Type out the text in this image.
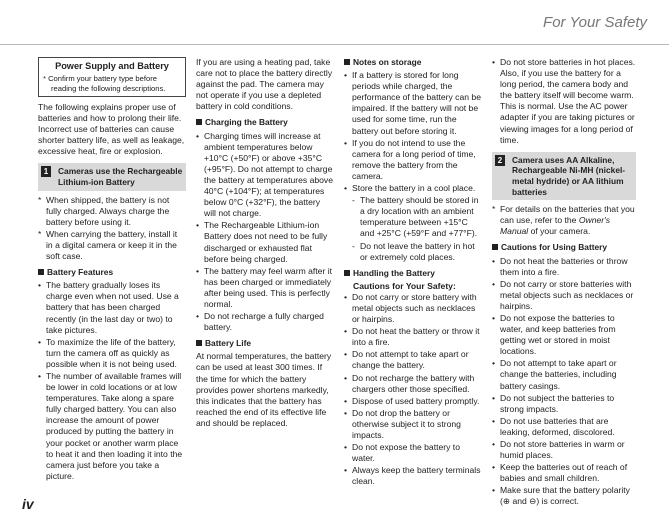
For Your Safety
Power Supply and Battery
* Confirm your battery type before reading the following descriptions.

The following explains proper use of batteries and how to prolong their life. Incorrect use of batteries can cause shorter battery life, as well as leakage, excessive heat, fire or explosion.

1	Cameras use the Rechargeable Lithium-ion Battery
* When shipped, the battery is not fully charged. Always charge the battery before using it.
* When carrying the battery, install it in a digital camera or keep it in the soft case.
Battery Features
• The battery gradually loses its charge even when not used. Use a battery that has been charged recently (in the last day or two) to take pictures.
• To maximize the life of the battery, turn the camera off as quickly as possible when it is not being used.
• The number of available frames will be lower in cold locations or at low temperatures. Take along a spare fully charged battery. You can also increase the amount of power produced by putting the battery in your pocket or another warm place to heat it and then loading it into the camera just before you take a picture.

If you are using a heating pad, take care not to place the battery directly against the pad. The camera may not operate if you use a depleted battery in cold conditions.

Charging the Battery
• Charging times will increase at ambient temperatures below +10°C (+50°F) or above +35°C (+95°F). Do not attempt to charge the battery at temperatures above 40°C (+104°F); at temperatures below 0°C (+32°F), the battery will not charge.
• The Rechargeable Lithium-ion Battery does not need to be fully discharged or exhausted flat before being charged.
• The battery may feel warm after it has been charged or immediately after being used. This is perfectly normal.
• Do not recharge a fully charged battery.
Battery Life

At normal temperatures, the battery can be used at least 300 times. If the time for which the battery provides power shortens markedly, this indicates that the battery has reached the end of its effective life and should be replaced.

Notes on storage
• If a battery is stored for long periods while charged, the performance of the battery can be impaired. If the battery will not be used for some time, run the battery out before storing it.
• If you do not intend to use the camera for a long period of time, remove the battery from the camera.
• Store the battery in a cool place.
- The battery should be stored in a dry location with an ambient temperature between +15°C and +25°C (+59°F and +77°F).
- Do not leave the battery in hot or extremely cold places.
Handling the Battery
Cautions for Your Safety:
• Do not carry or store battery with metal objects such as necklaces or hairpins.
• Do not heat the battery or throw it into a fire.
• Do not attempt to take apart or change the battery.
• Do not recharge the battery with chargers other those specified.
• Dispose of used battery promptly.
• Do not drop the battery or otherwise subject it to strong impacts.
• Do not expose the battery to water.
• Always keep the battery terminals clean.
• Do not store batteries in hot places. Also, if you use the battery for a long period, the camera body and the battery itself will become warm. This is normal. Use the AC power adapter if you are taking pictures or viewing images for a long period of time.
2	Camera uses AA Alkaline, Rechargeable Ni-MH (nickel-metal hydride) or AA lithium batteries
* For details on the batteries that you can use, refer to the Owner's Manual of your camera.
Cautions for Using Battery
• Do not heat the batteries or throw them into a fire.
• Do not carry or store batteries with metal objects such as necklaces or hairpins.
• Do not expose the batteries to water, and keep batteries from getting wet or stored in moist locations.
• Do not attempt to take apart or change the batteries, including battery casings.
• Do not subject the batteries to strong impacts.
• Do not use batteries that are leaking, deformed, discolored.
• Do not store batteries in warm or humid places.
• Keep the batteries out of reach of babies and small children.
• Make sure that the battery polarity (⊕ and ⊖) is correct.
iv
